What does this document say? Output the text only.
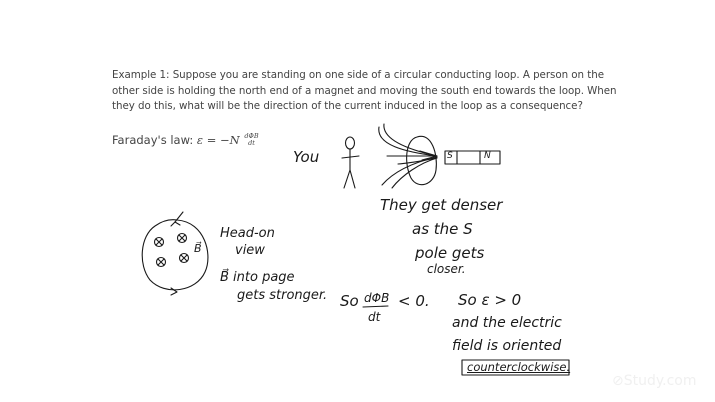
Example 1: Suppose you are standing on one side of a circular conducting loop. A person on the
other side is holding the north end of a magnet and moving the south end towards the loop. When
they do this, what will be the direction of the current induced in the loop as a consequence?
Faraday's law: ε = −N dΦB
dt
You	S	N
They get denser
as the S
pole gets
closer.
Head-on
view
B⃗
B⃗ into page
gets stronger. So dΦB
dt
< 0. So ε > 0
and the electric
field is oriented
counterclockwise.
⊘Study.com
